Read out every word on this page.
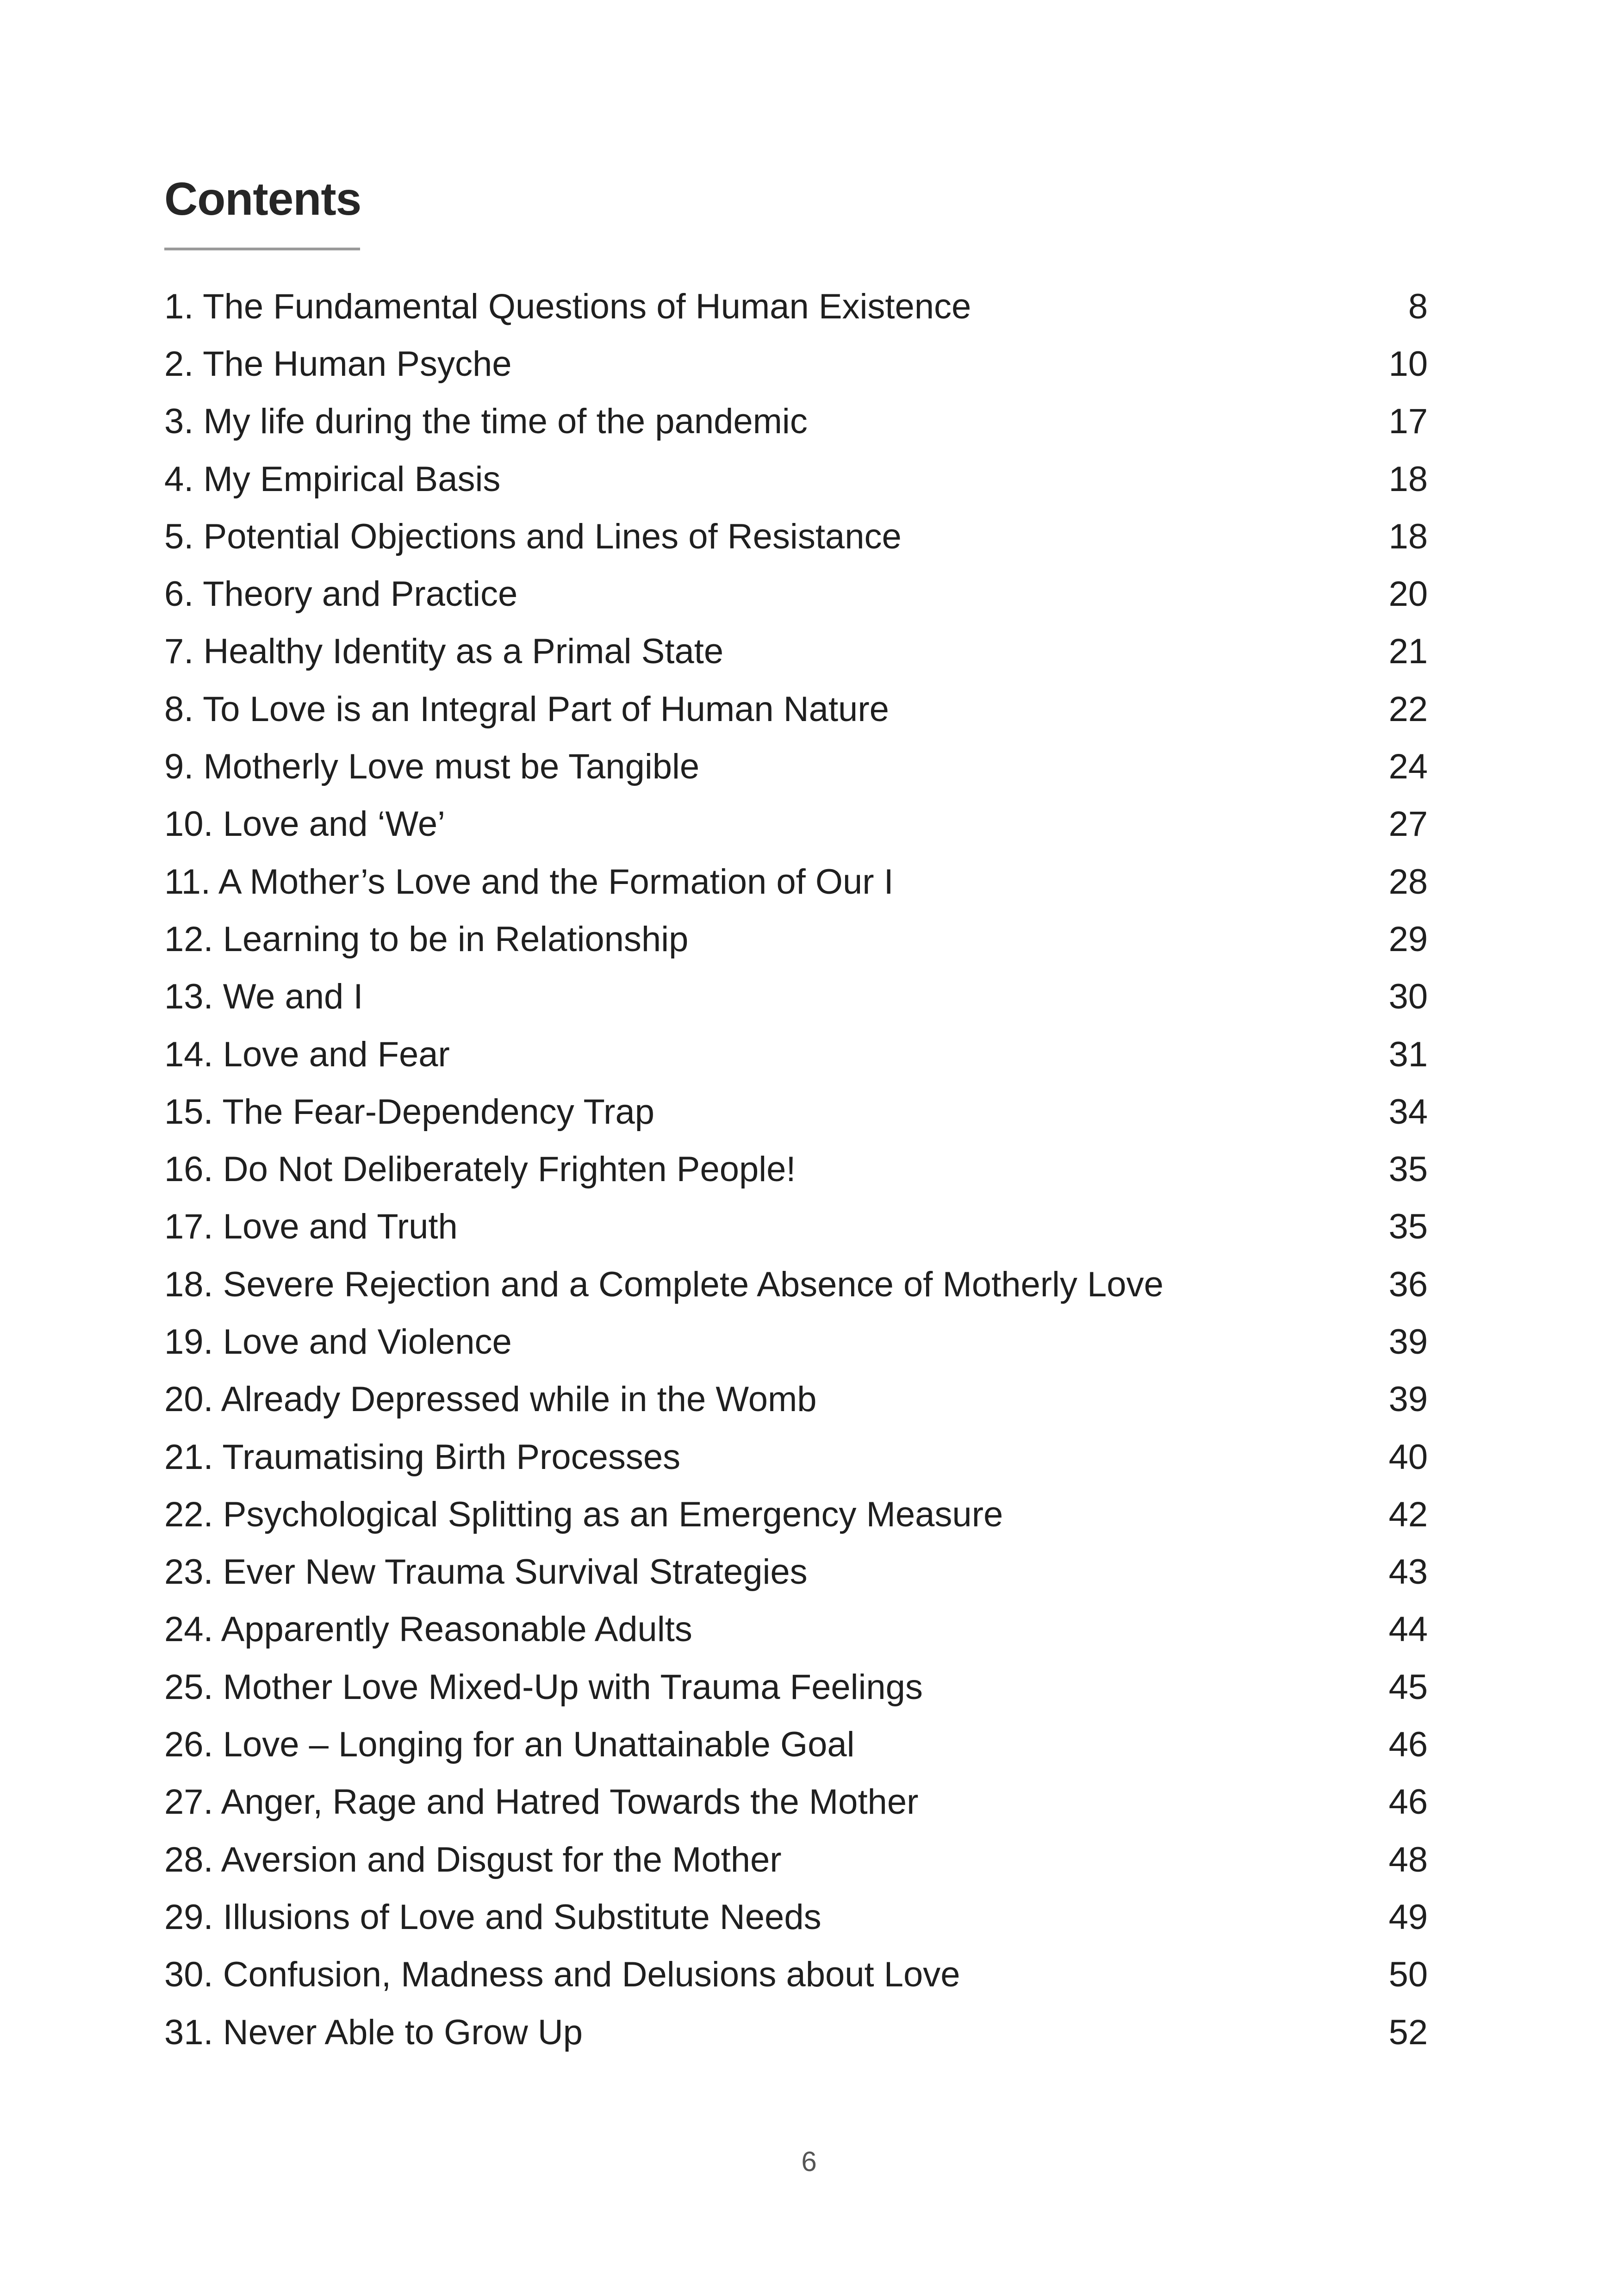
Contents
1. The Fundamental Questions of Human Existence	8
2. The Human Psyche	10
3. My life during the time of the pandemic	17
4. My Empirical Basis	18
5. Potential Objections and Lines of Resistance	18
6. Theory and Practice	20
7. Healthy Identity as a Primal State	21
8. To Love is an Integral Part of Human Nature	22
9. Motherly Love must be Tangible	24
10. Love and ‘We’	27
11. A Mother’s Love and the Formation of Our I	28
12. Learning to be in Relationship	29
13. We and I	30
14. Love and Fear	31
15. The Fear-Dependency Trap	34
16. Do Not Deliberately Frighten People!	35
17. Love and Truth	35
18. Severe Rejection and a Complete Absence of Motherly Love	36
19. Love and Violence	39
20. Already Depressed while in the Womb	39
21. Traumatising Birth Processes	40
22. Psychological Splitting as an Emergency Measure	42
23. Ever New Trauma Survival Strategies	43
24. Apparently Reasonable Adults	44
25. Mother Love Mixed-Up with Trauma Feelings	45
26. Love – Longing for an Unattainable Goal	46
27. Anger, Rage and Hatred Towards the Mother	46
28. Aversion and Disgust for the Mother	48
29. Illusions of Love and Substitute Needs	49
30. Confusion, Madness and Delusions about Love	50
31. Never Able to Grow Up	52
6
